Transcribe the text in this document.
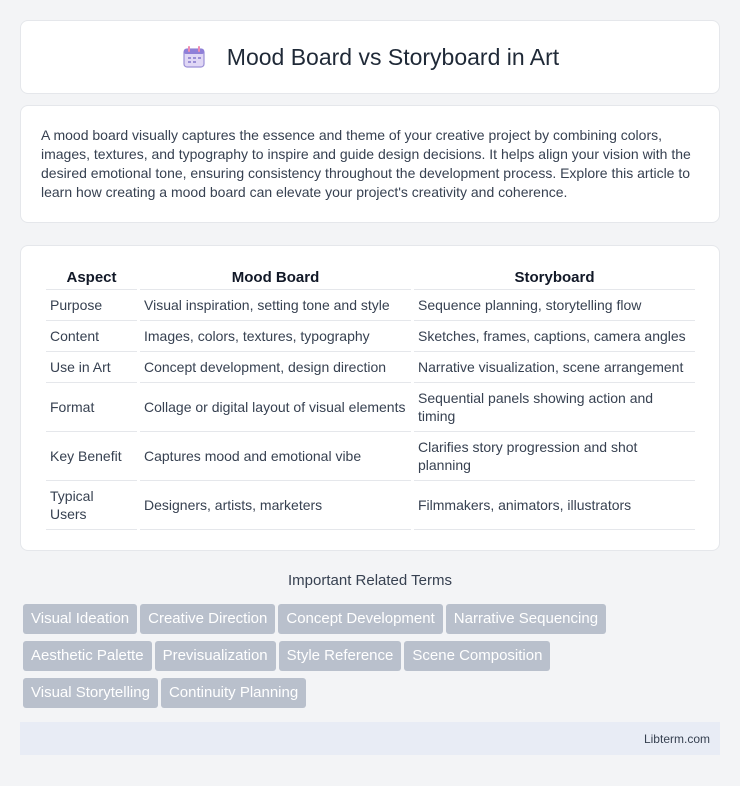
Mood Board vs Storyboard in Art

A mood board visually captures the essence and theme of your creative project by combining colors, images, textures, and typography to inspire and guide design decisions. It helps align your vision with the desired emotional tone, ensuring consistency throughout the development process. Explore this article to learn how creating a mood board can elevate your project's creativity and coherence.

Aspect	Mood Board	Storyboard
Purpose	Visual inspiration, setting tone and style	Sequence planning, storytelling flow
Content	Images, colors, textures, typography	Sketches, frames, captions, camera angles
Use in Art	Concept development, design direction	Narrative visualization, scene arrangement
Format	Collage or digital layout of visual elements	Sequential panels showing action and timing
Key Benefit	Captures mood and emotional vibe	Clarifies story progression and shot planning
Typical Users	Designers, artists, marketers	Filmmakers, animators, illustrators
Important Related Terms
Visual Ideation Creative Direction Concept Development Narrative Sequencing
Aesthetic Palette Previsualization Style Reference Scene Composition
Visual Storytelling Continuity Planning
Libterm.com
